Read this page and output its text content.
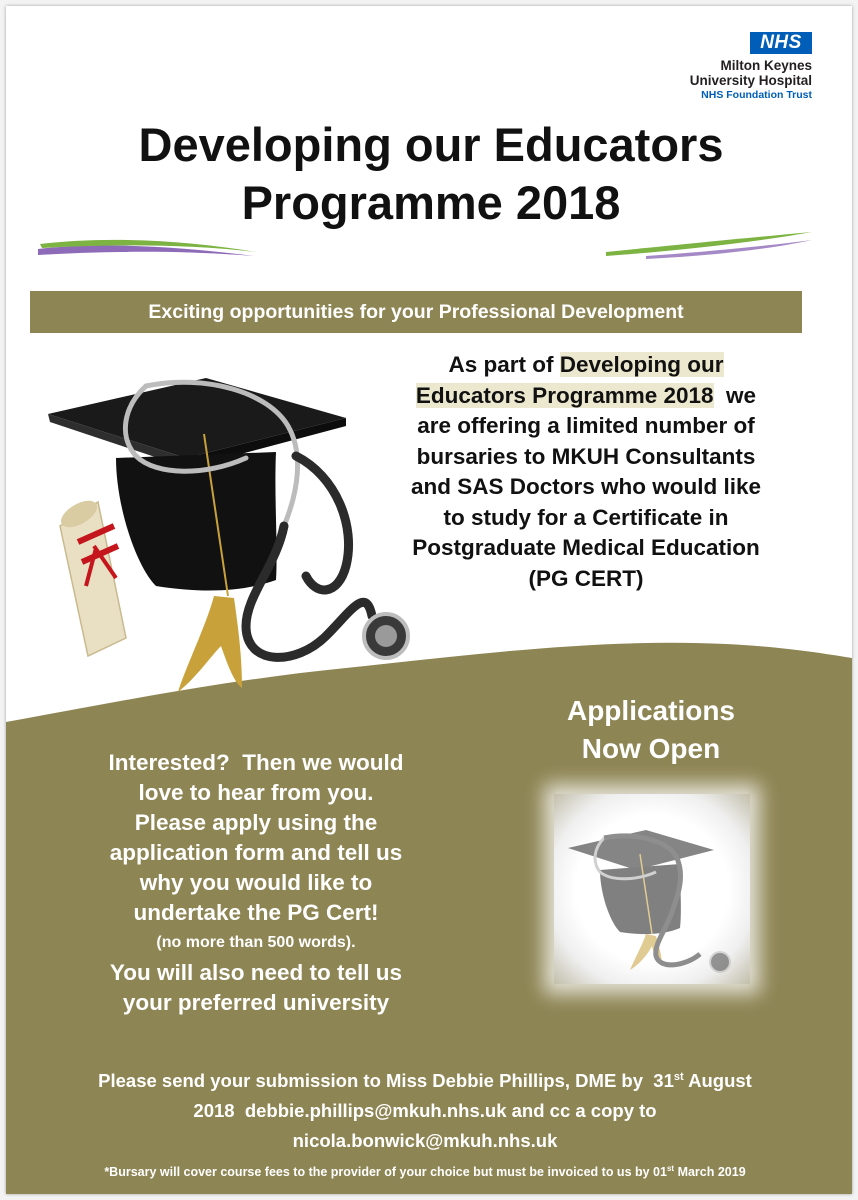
NHS
Milton Keynes
University Hospital
NHS Foundation Trust
Developing our Educators
Programme 2018
Exciting opportunities for your Professional Development
As part of Developing our
Educators Programme 2018  we
are offering a limited number of
bursaries to MKUH Consultants
and SAS Doctors who would like
to study for a Certificate in
Postgraduate Medical Education
(PG CERT)
Applications
Now Open
Interested?  Then we would
love to hear from you.
Please apply using the
application form and tell us
why you would like to
undertake the PG Cert!
(no more than 500 words).
You will also need to tell us
your preferred university
Please send your submission to Miss Debbie Phillips, DME by  31st August
2018  debbie.phillips@mkuh.nhs.uk and cc a copy to
nicola.bonwick@mkuh.nhs.uk
*Bursary will cover course fees to the provider of your choice but must be invoiced to us by 01st March 2019
